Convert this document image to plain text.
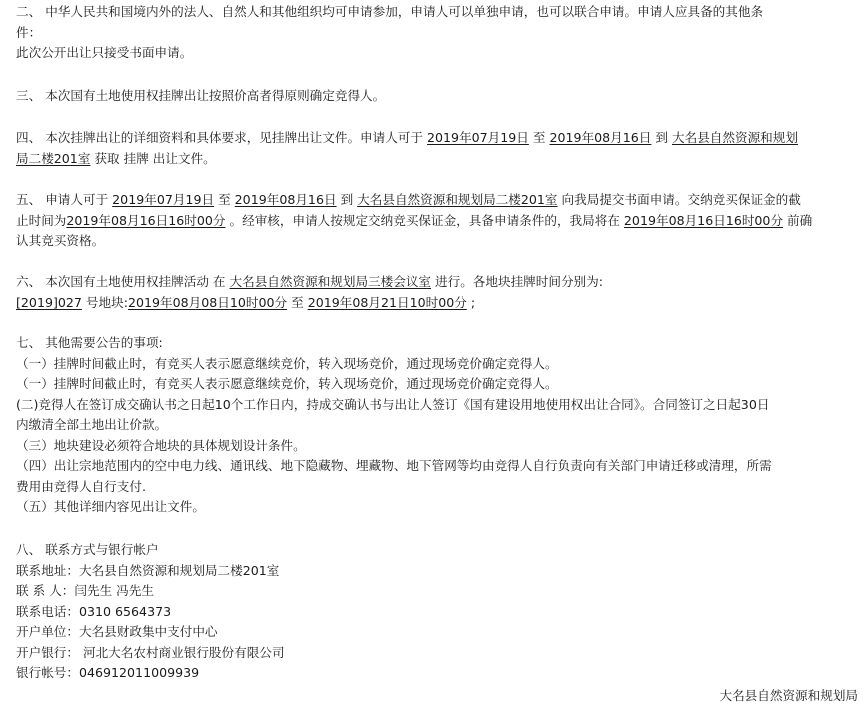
二、 中华人民共和国境内外的法人、自然人和其他组织均可申请参加，申请人可以单独申请，也可以联合申请。申请人应具备的其他条
件：
此次公开出让只接受书面申请。
三、 本次国有土地使用权挂牌出让按照价高者得原则确定竞得人。
四、 本次挂牌出让的详细资料和具体要求，见挂牌出让文件。申请人可于 2019年07月19日 至 2019年08月16日 到 大名县自然资源和规划
局二楼201室 获取 挂牌 出让文件。
五、 申请人可于 2019年07月19日 至 2019年08月16日 到 大名县自然资源和规划局二楼201室 向我局提交书面申请。交纳竞买保证金的截
止时间为2019年08月16日16时00分 。经审核，申请人按规定交纳竞买保证金，具备申请条件的，我局将在 2019年08月16日16时00分 前确
认其竞买资格。
六、 本次国有土地使用权挂牌活动 在 大名县自然资源和规划局三楼会议室 进行。各地块挂牌时间分别为:
[2019]027 号地块:2019年08月08日10时00分 至 2019年08月21日10时00分 ;
七、 其他需要公告的事项:
（一）挂牌时间截止时，有竞买人表示愿意继续竞价，转入现场竞价，通过现场竞价确定竞得人。
（一）挂牌时间截止时，有竞买人表示愿意继续竞价，转入现场竞价，通过现场竞价确定竞得人。
(二)竞得人在签订成交确认书之日起10个工作日内，持成交确认书与出让人签订《国有建设用地使用权出让合同》。合同签订之日起30日
内缴清全部土地出让价款。
（三）地块建设必须符合地块的具体规划设计条件。
（四）出让宗地范围内的空中电力线、通讯线、地下隐藏物、埋藏物、地下管网等均由竞得人自行负责向有关部门申请迁移或清理，所需
费用由竞得人自行支付.
（五）其他详细内容见出让文件。
八、 联系方式与银行帐户
联系地址：大名县自然资源和规划局二楼201室
联 系 人：闫先生 冯先生
联系电话：0310 6564373
开户单位：大名县财政集中支付中心
开户银行： 河北大名农村商业银行股份有限公司
银行帐号：046912011009939
大名县自然资源和规划局
